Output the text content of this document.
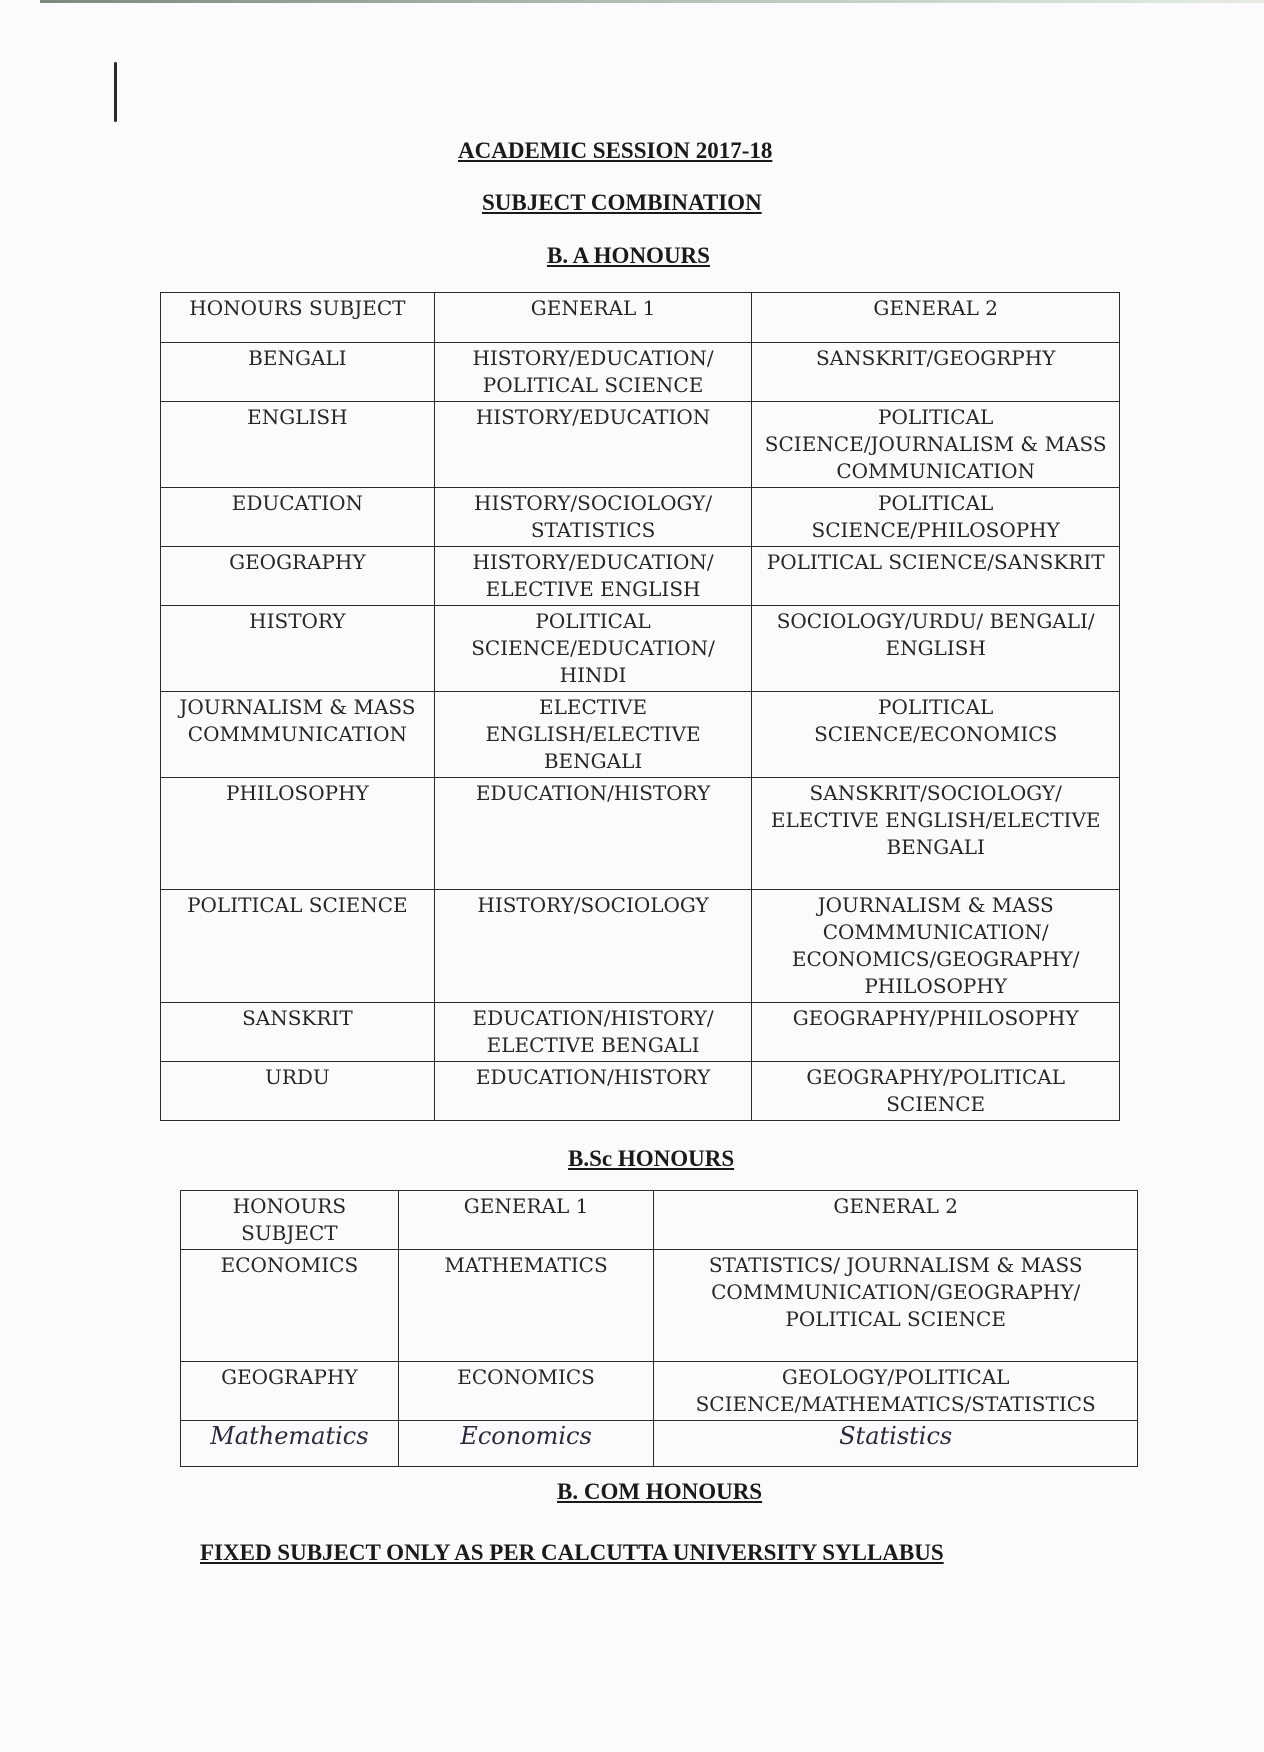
ACADEMIC SESSION 2017-18
SUBJECT COMBINATION
B. A HONOURS
HONOURS SUBJECT	GENERAL 1	GENERAL 2
BENGALI	HISTORY/EDUCATION/ POLITICAL SCIENCE	SANSKRIT/GEOGRPHY
ENGLISH	HISTORY/EDUCATION	POLITICAL SCIENCE/JOURNALISM & MASS COMMUNICATION
EDUCATION	HISTORY/SOCIOLOGY/ STATISTICS	POLITICAL SCIENCE/PHILOSOPHY
GEOGRAPHY	HISTORY/EDUCATION/ ELECTIVE ENGLISH	POLITICAL SCIENCE/SANSKRIT
HISTORY	POLITICAL SCIENCE/EDUCATION/ HINDI	SOCIOLOGY/URDU/ BENGALI/ ENGLISH
JOURNALISM & MASS COMMMUNICATION	ELECTIVE ENGLISH/ELECTIVE BENGALI	POLITICAL SCIENCE/ECONOMICS
PHILOSOPHY	EDUCATION/HISTORY	SANSKRIT/SOCIOLOGY/ ELECTIVE ENGLISH/ELECTIVE BENGALI
POLITICAL SCIENCE	HISTORY/SOCIOLOGY	JOURNALISM & MASS COMMMUNICATION/ ECONOMICS/GEOGRAPHY/ PHILOSOPHY
SANSKRIT	EDUCATION/HISTORY/ ELECTIVE BENGALI	GEOGRAPHY/PHILOSOPHY
URDU	EDUCATION/HISTORY	GEOGRAPHY/POLITICAL SCIENCE
B.Sc HONOURS
HONOURS SUBJECT	GENERAL 1	GENERAL 2
ECONOMICS	MATHEMATICS	STATISTICS/ JOURNALISM & MASS COMMMUNICATION/GEOGRAPHY/ POLITICAL SCIENCE
GEOGRAPHY	ECONOMICS	GEOLOGY/POLITICAL SCIENCE/MATHEMATICS/STATISTICS
Mathematics	Economics	Statistics
B. COM HONOURS
FIXED SUBJECT ONLY AS PER CALCUTTA UNIVERSITY SYLLABUS
